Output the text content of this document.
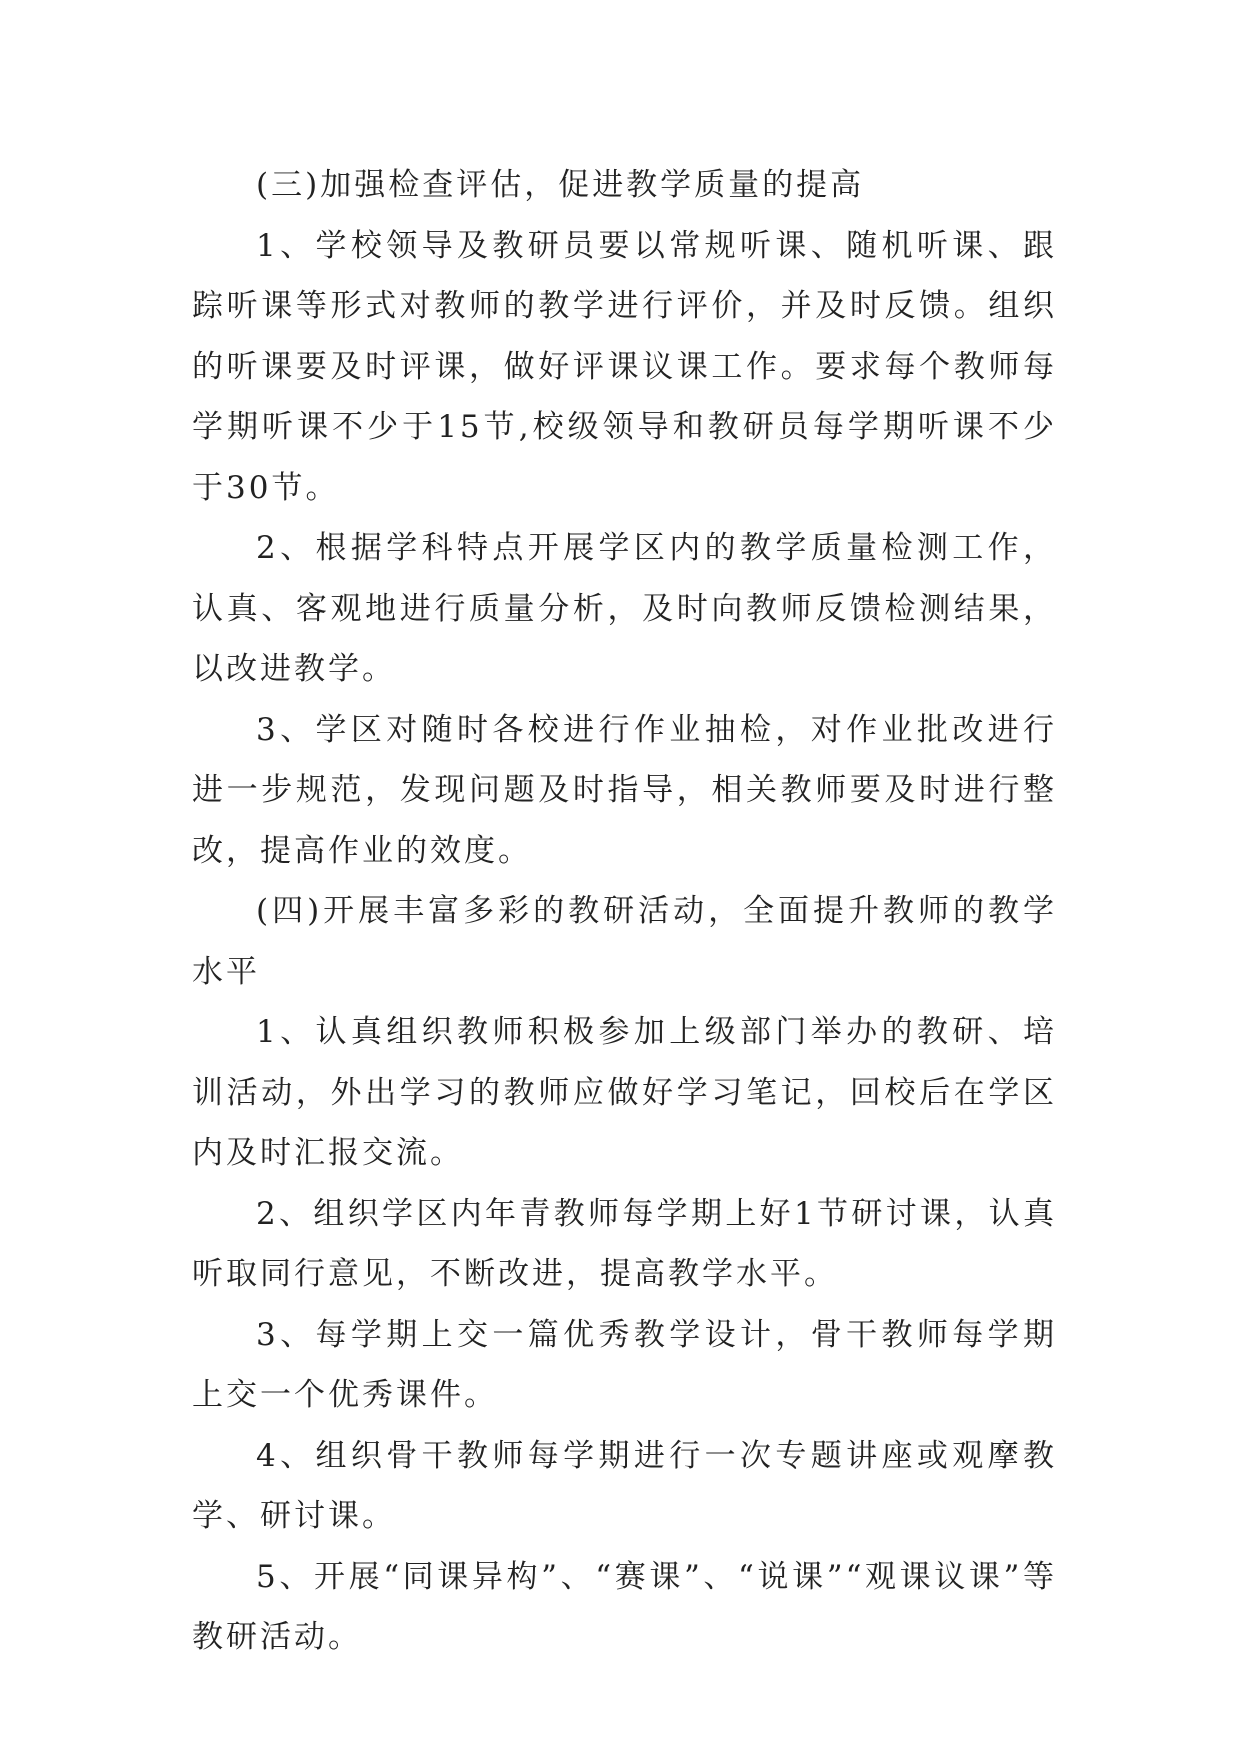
(三)加强检查评估，促进教学质量的提高

1、学校领导及教研员要以常规听课、随机听课、跟踪听课等形式对教师的教学进行评价，并及时反馈。组织的听课要及时评课，做好评课议课工作。要求每个教师每学期听课不少于15节,校级领导和教研员每学期听课不少于30节。

2、根据学科特点开展学区内的教学质量检测工作，认真、客观地进行质量分析，及时向教师反馈检测结果，以改进教学。

3、学区对随时各校进行作业抽检，对作业批改进行进一步规范，发现问题及时指导，相关教师要及时进行整改，提高作业的效度。

(四)开展丰富多彩的教研活动，全面提升教师的教学水平

1、认真组织教师积极参加上级部门举办的教研、培训活动，外出学习的教师应做好学习笔记，回校后在学区内及时汇报交流。

2、组织学区内年青教师每学期上好1节研讨课，认真听取同行意见，不断改进，提高教学水平。

3、每学期上交一篇优秀教学设计，骨干教师每学期上交一个优秀课件。

4、组织骨干教师每学期进行一次专题讲座或观摩教学、研讨课。

5、开展“同课异构”、“赛课”、“说课”“观课议课”等教研活动。
